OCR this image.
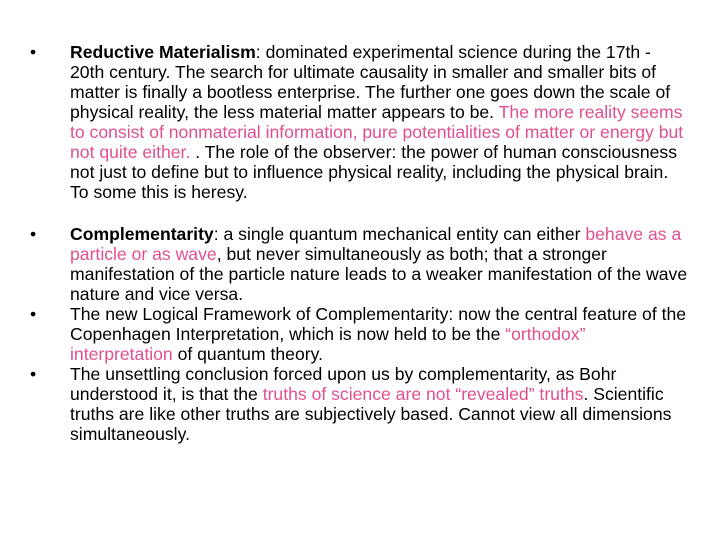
•	Reductive Materialism: dominated experimental science during the 17th - 20th century. The search for ultimate causality in smaller and smaller bits of matter is finally a bootless enterprise. The further one goes down the scale of physical reality, the less material matter appears to be. The more reality seems to consist of nonmaterial information, pure potentialities of matter or energy but not quite either. . The role of the observer: the power of human consciousness not just to define but to influence physical reality, including the physical brain. To some this is heresy.
•	Complementarity: a single quantum mechanical entity can either behave as a particle or as wave, but never simultaneously as both; that a stronger manifestation of the particle nature leads to a weaker manifestation of the wave nature and vice versa.
•	The new Logical Framework of Complementarity: now the central feature of the Copenhagen Interpretation, which is now held to be the “orthodox” interpretation of quantum theory.
•	The unsettling conclusion forced upon us by complementarity, as Bohr understood it, is that the truths of science are not “revealed” truths. Scientific truths are like other truths are subjectively based. Cannot view all dimensions simultaneously.
